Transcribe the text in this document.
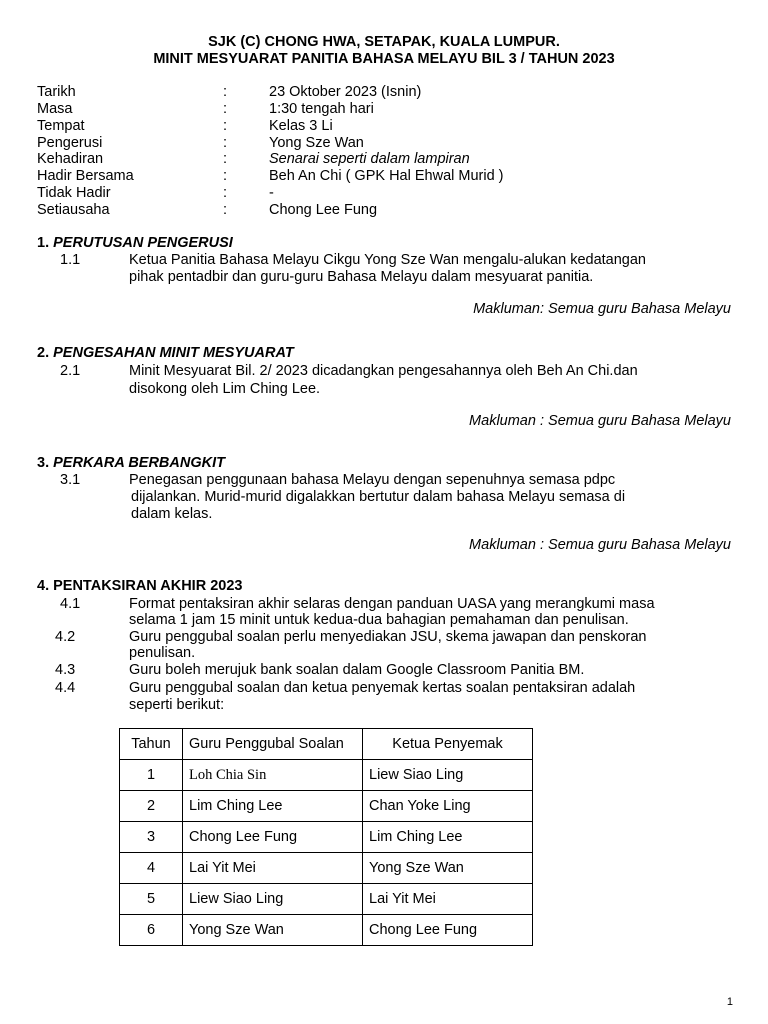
SJK (C) CHONG HWA, SETAPAK, KUALA LUMPUR.
MINIT MESYUARAT PANITIA BAHASA MELAYU BIL 3 / TAHUN 2023
Tarikh	:	23 Oktober 2023 (Isnin)
Masa	:	1:30 tengah hari
Tempat	:	Kelas 3 Li
Pengerusi	:	Yong Sze Wan
Kehadiran	:	Senarai seperti dalam lampiran
Hadir Bersama	:	Beh An Chi ( GPK Hal Ehwal Murid )
Tidak Hadir	:	-
Setiausaha	:	Chong Lee Fung
1. PERUTUSAN PENGERUSI
1.1	Ketua Panitia Bahasa Melayu Cikgu Yong Sze Wan mengalu-alukan kedatangan
pihak pentadbir dan guru-guru Bahasa Melayu dalam mesyuarat panitia.
Makluman: Semua guru Bahasa Melayu
2. PENGESAHAN MINIT MESYUARAT
2.1	Minit Mesyuarat Bil. 2/ 2023 dicadangkan pengesahannya oleh Beh An Chi.dan
disokong oleh Lim Ching Lee.
Makluman : Semua guru Bahasa Melayu
3. PERKARA BERBANGKIT
3.1	Penegasan penggunaan bahasa Melayu dengan sepenuhnya semasa pdpc
dijalankan. Murid-murid digalakkan bertutur dalam bahasa Melayu semasa di
dalam kelas.
Makluman : Semua guru Bahasa Melayu
4. PENTAKSIRAN AKHIR 2023
4.1	Format pentaksiran akhir selaras dengan panduan UASA yang merangkumi masa
selama 1 jam 15 minit untuk kedua-dua bahagian pemahaman dan penulisan.
4.2	Guru penggubal soalan perlu menyediakan JSU, skema jawapan dan penskoran
penulisan.
4.3	Guru boleh merujuk bank soalan dalam Google Classroom Panitia BM.
4.4	Guru penggubal soalan dan ketua penyemak kertas soalan pentaksiran adalah
seperti berikut:
Tahun	Guru Penggubal Soalan	Ketua Penyemak
1	Loh Chia Sin	Liew Siao Ling
2	Lim Ching Lee	Chan Yoke Ling
3	Chong Lee Fung	Lim Ching Lee
4	Lai Yit Mei	Yong Sze Wan
5	Liew Siao Ling	Lai Yit Mei
6	Yong Sze Wan	Chong Lee Fung
1
